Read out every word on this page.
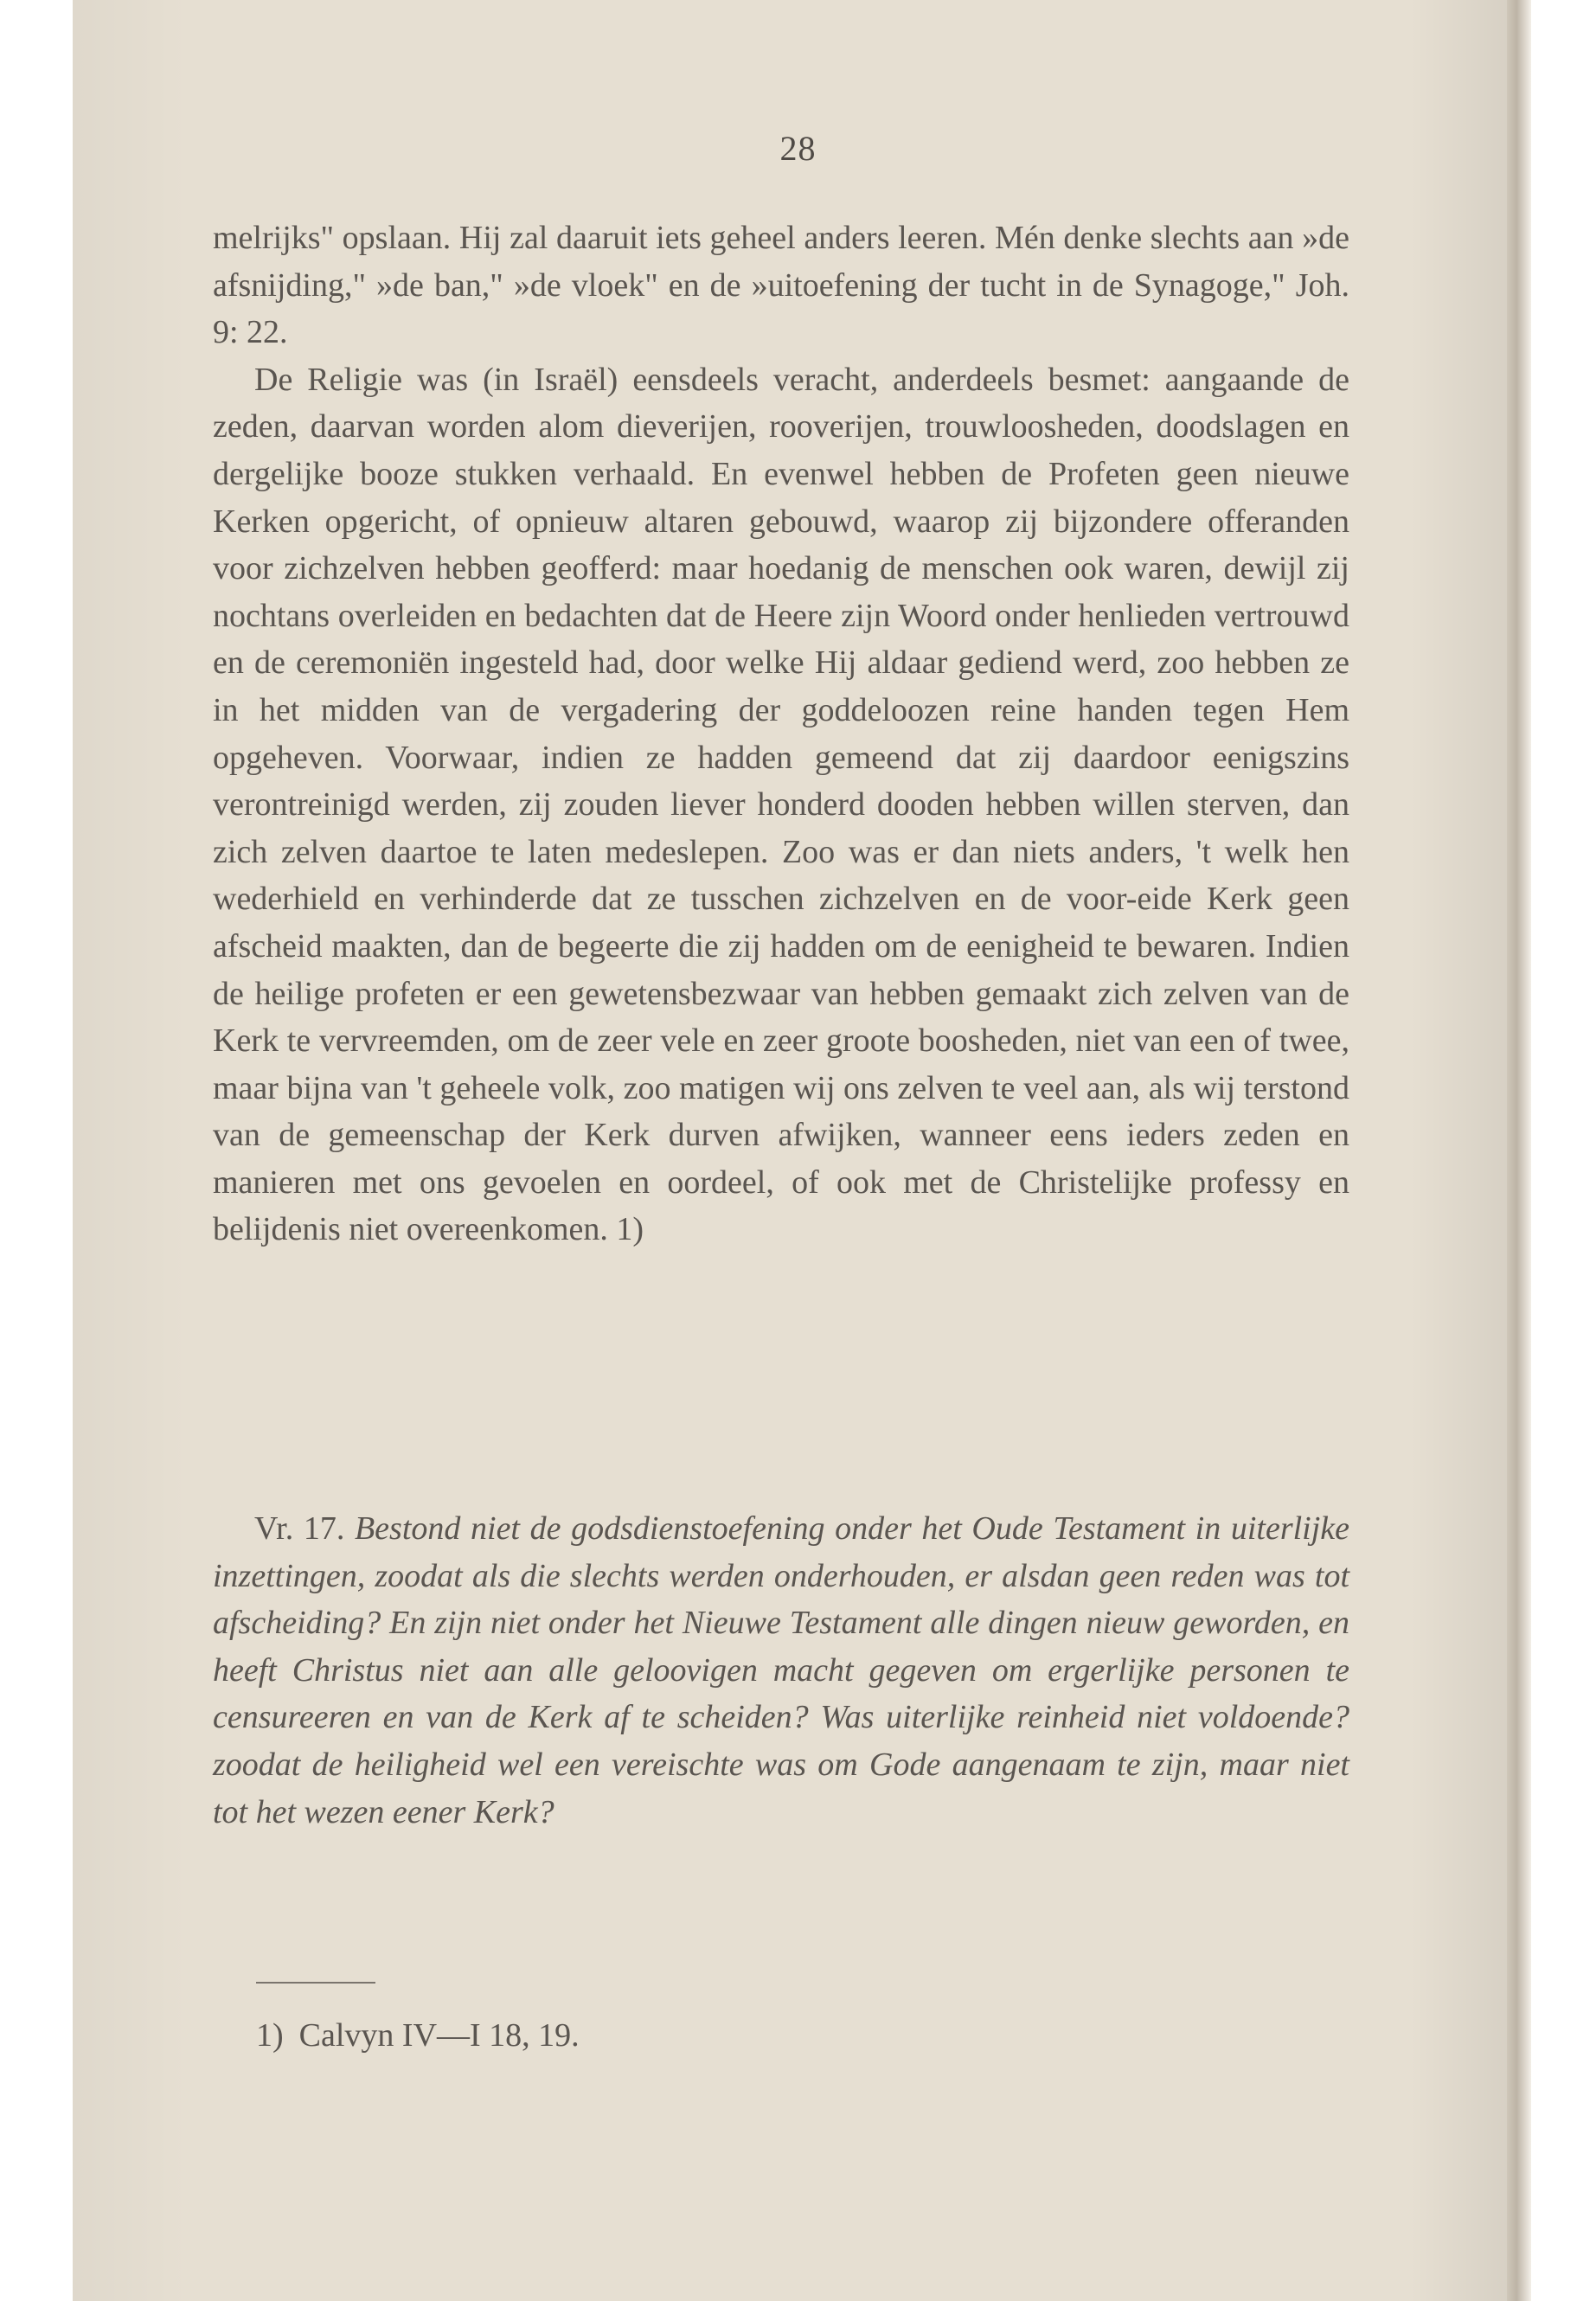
28

melrijks" opslaan. Hij zal daaruit iets geheel anders leeren. Mén denke slechts aan »de afsnijding," »de ban," »de vloek" en de »uitoefening der tucht in de Synagoge," Joh. 9: 22.

De Religie was (in Israël) eensdeels veracht, anderdeels besmet: aangaande de zeden, daarvan worden alom dieverijen, rooverijen, trouwloosheden, doodslagen en dergelijke booze stukken verhaald. En evenwel hebben de Profeten geen nieuwe Kerken opgericht, of opnieuw altaren gebouwd, waarop zij bijzondere offeranden voor zichzelven hebben geofferd: maar hoedanig de menschen ook waren, dewijl zij nochtans overleiden en bedachten dat de Heere zijn Woord onder henlieden vertrouwd en de ceremoniën ingesteld had, door welke Hij aldaar gediend werd, zoo hebben ze in het midden van de vergadering der goddeloozen reine handen tegen Hem opgeheven. Voorwaar, indien ze hadden gemeend dat zij daardoor eenigszins verontreinigd werden, zij zouden liever honderd dooden hebben willen sterven, dan zich zelven daartoe te laten medeslepen. Zoo was er dan niets anders, 't welk hen wederhield en verhinderde dat ze tusschen zichzelven en de voor-eide Kerk geen afscheid maakten, dan de begeerte die zij hadden om de eenigheid te bewaren. Indien de heilige profeten er een gewetensbezwaar van hebben gemaakt zich zelven van de Kerk te vervreemden, om de zeer vele en zeer groote boosheden, niet van een of twee, maar bijna van 't geheele volk, zoo matigen wij ons zelven te veel aan, als wij terstond van de gemeenschap der Kerk durven afwijken, wanneer eens ieders zeden en manieren met ons gevoelen en oordeel, of ook met de Christelijke professy en belijdenis niet overeenkomen. 1)

Vr. 17. Bestond niet de godsdienstoefening onder het Oude Testament in uiterlijke inzettingen, zoodat als die slechts werden onderhouden, er alsdan geen reden was tot afscheiding? En zijn niet onder het Nieuwe Testament alle dingen nieuw geworden, en heeft Christus niet aan alle geloovigen macht gegeven om ergerlijke personen te censureeren en van de Kerk af te scheiden? Was uiterlijke reinheid niet voldoende? zoodat de heiligheid wel een vereischte was om Gode aangenaam te zijn, maar niet tot het wezen eener Kerk?
1) Calvyn IV—I 18, 19.
